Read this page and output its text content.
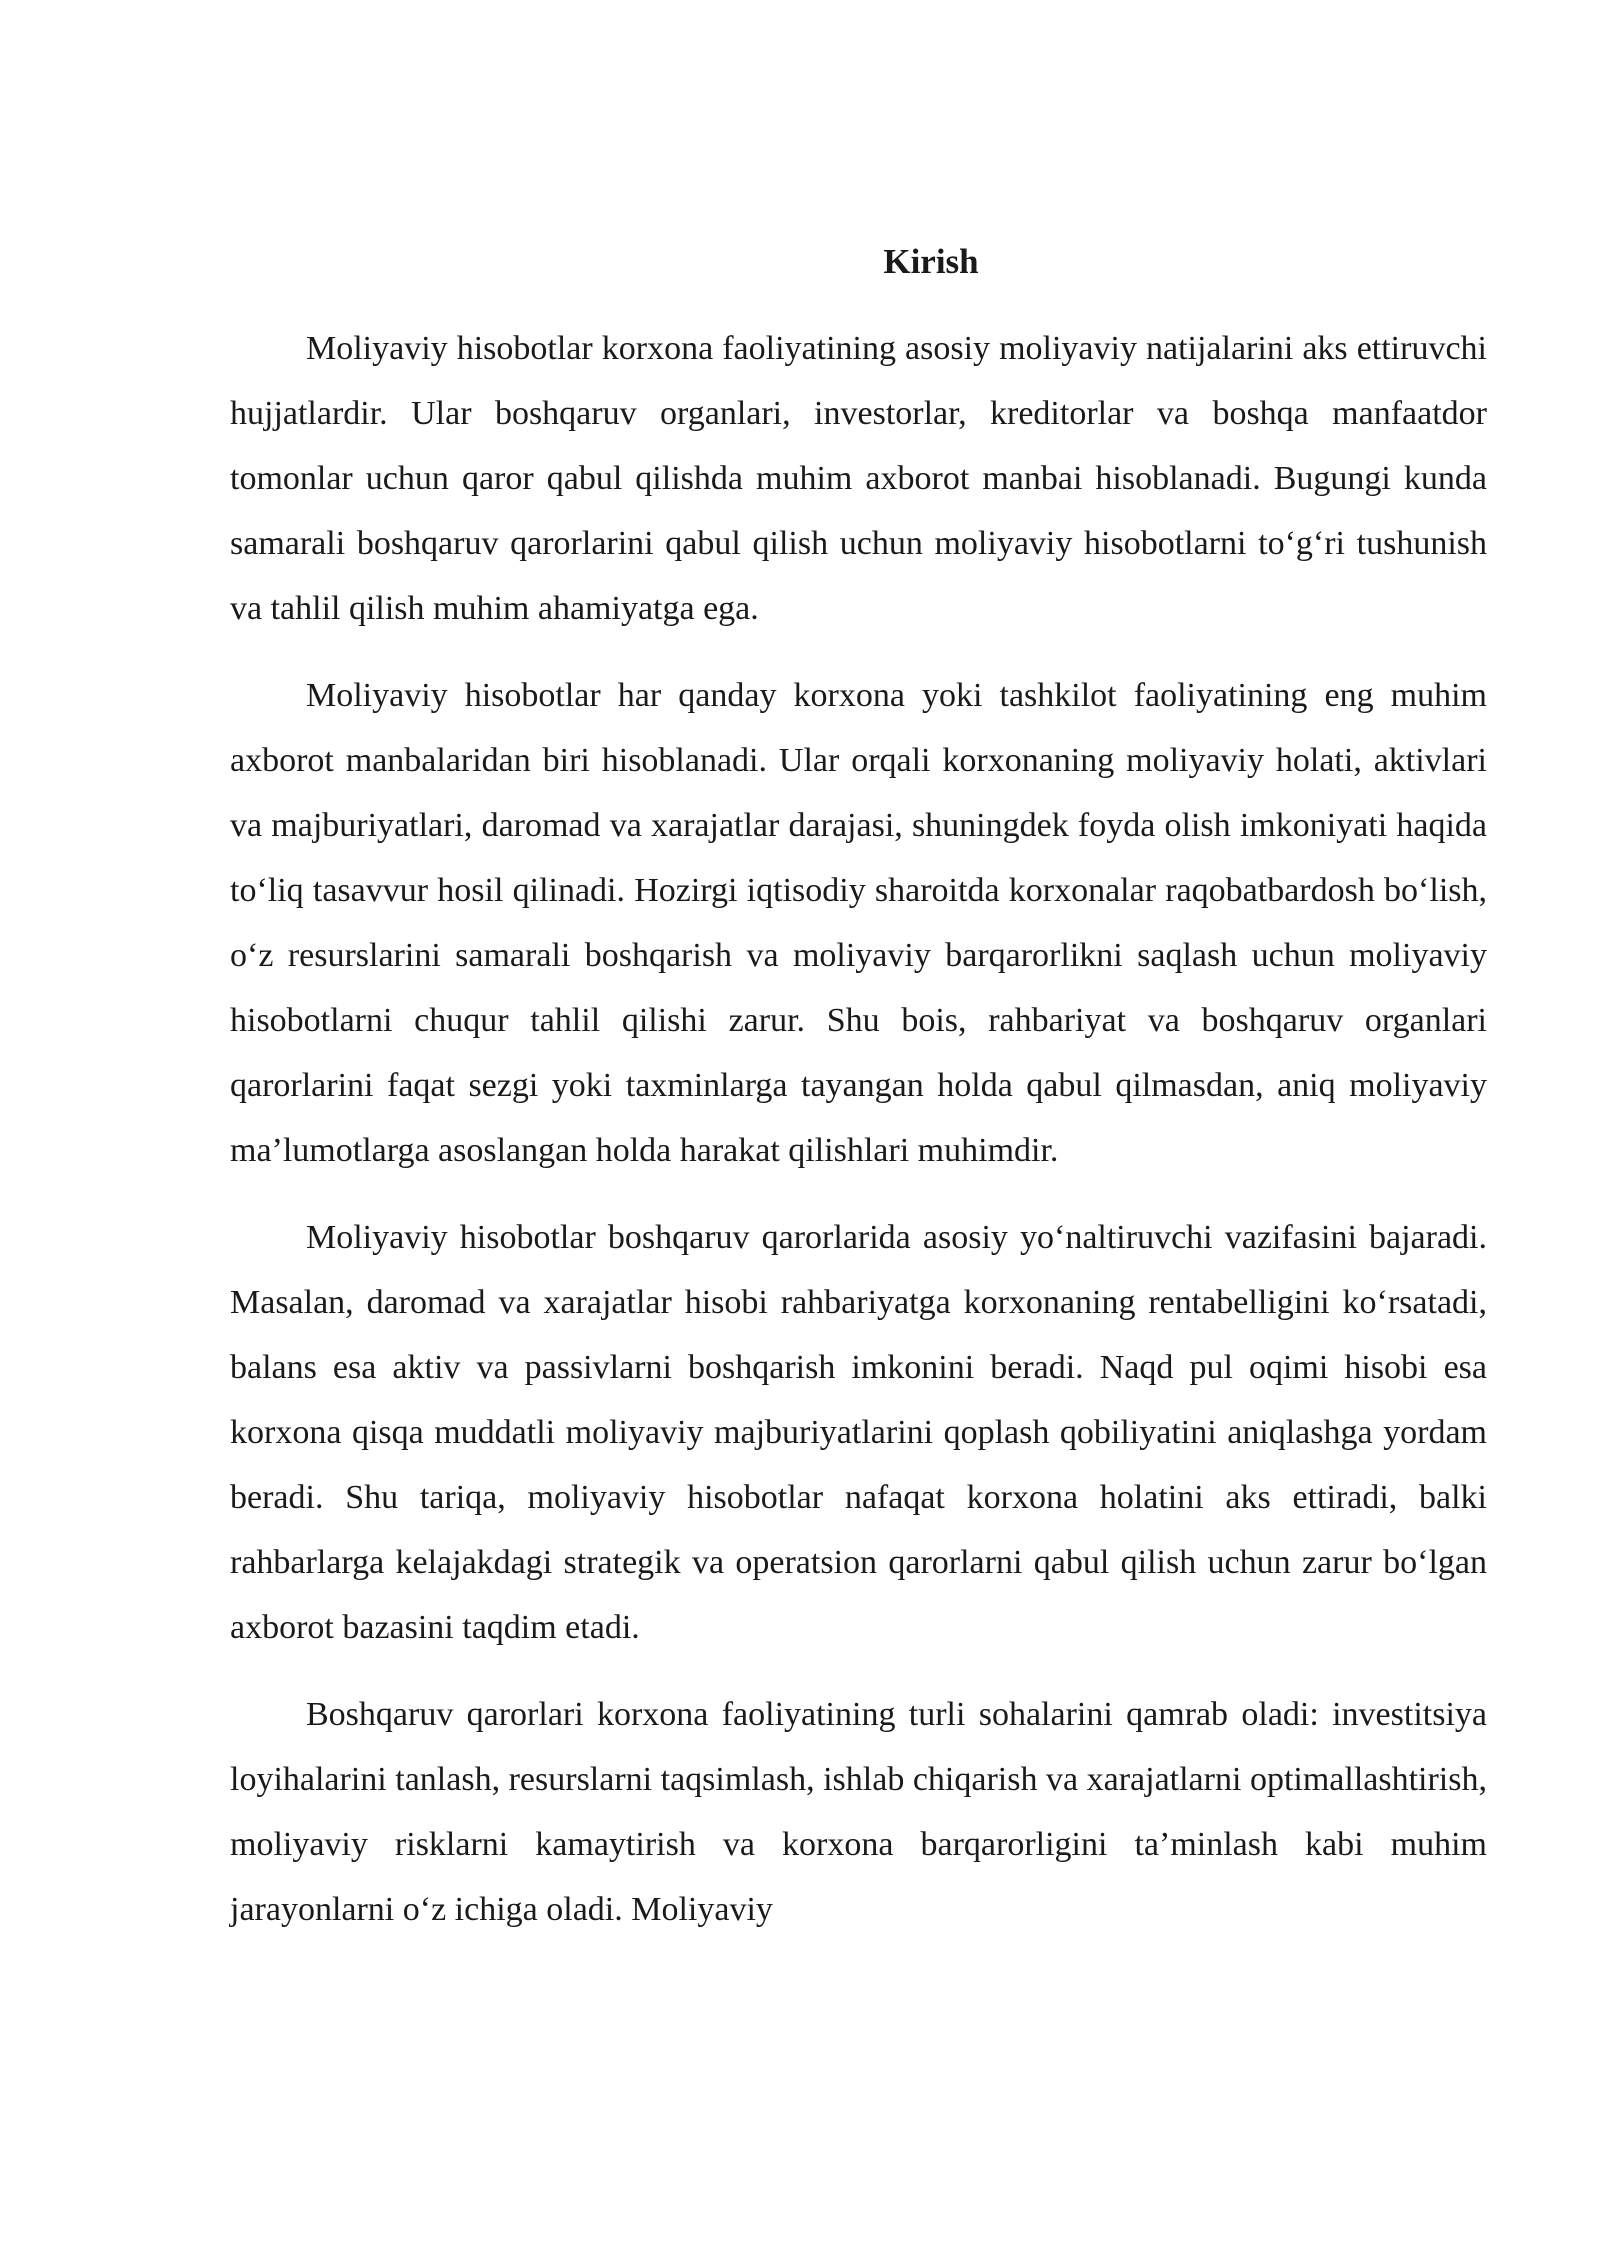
Kirish

Moliyaviy hisobotlar korxona faoliyatining asosiy moliyaviy natijalarini aks ettiruvchi hujjatlardir. Ular boshqaruv organlari, investorlar, kreditorlar va boshqa manfaatdor tomonlar uchun qaror qabul qilishda muhim axborot manbai hisoblanadi. Bugungi kunda samarali boshqaruv qarorlarini qabul qilish uchun moliyaviy hisobotlarni to‘g‘ri tushunish va tahlil qilish muhim ahamiyatga ega.

Moliyaviy hisobotlar har qanday korxona yoki tashkilot faoliyatining eng muhim axborot manbalaridan biri hisoblanadi. Ular orqali korxonaning moliyaviy holati, aktivlari va majburiyatlari, daromad va xarajatlar darajasi, shuningdek foyda olish imkoniyati haqida to‘liq tasavvur hosil qilinadi. Hozirgi iqtisodiy sharoitda korxonalar raqobatbardosh bo‘lish, o‘z resurslarini samarali boshqarish va moliyaviy barqarorlikni saqlash uchun moliyaviy hisobotlarni chuqur tahlil qilishi zarur. Shu bois, rahbariyat va boshqaruv organlari qarorlarini faqat sezgi yoki taxminlarga tayangan holda qabul qilmasdan, aniq moliyaviy ma’lumotlarga asoslangan holda harakat qilishlari muhimdir.

Moliyaviy hisobotlar boshqaruv qarorlarida asosiy yo‘naltiruvchi vazifasini bajaradi. Masalan, daromad va xarajatlar hisobi rahbariyatga korxonaning rentabelligini ko‘rsatadi, balans esa aktiv va passivlarni boshqarish imkonini beradi. Naqd pul oqimi hisobi esa korxona qisqa muddatli moliyaviy majburiyatlarini qoplash qobiliyatini aniqlashga yordam beradi. Shu tariqa, moliyaviy hisobotlar nafaqat korxona holatini aks ettiradi, balki rahbarlarga kelajakdagi strategik va operatsion qarorlarni qabul qilish uchun zarur bo‘lgan axborot bazasini taqdim etadi.

Boshqaruv qarorlari korxona faoliyatining turli sohalarini qamrab oladi: investitsiya loyihalarini tanlash, resurslarni taqsimlash, ishlab chiqarish va xarajatlarni optimallashtirish, moliyaviy risklarni kamaytirish va korxona barqarorligini ta’minlash kabi muhim jarayonlarni o‘z ichiga oladi. Moliyaviy
